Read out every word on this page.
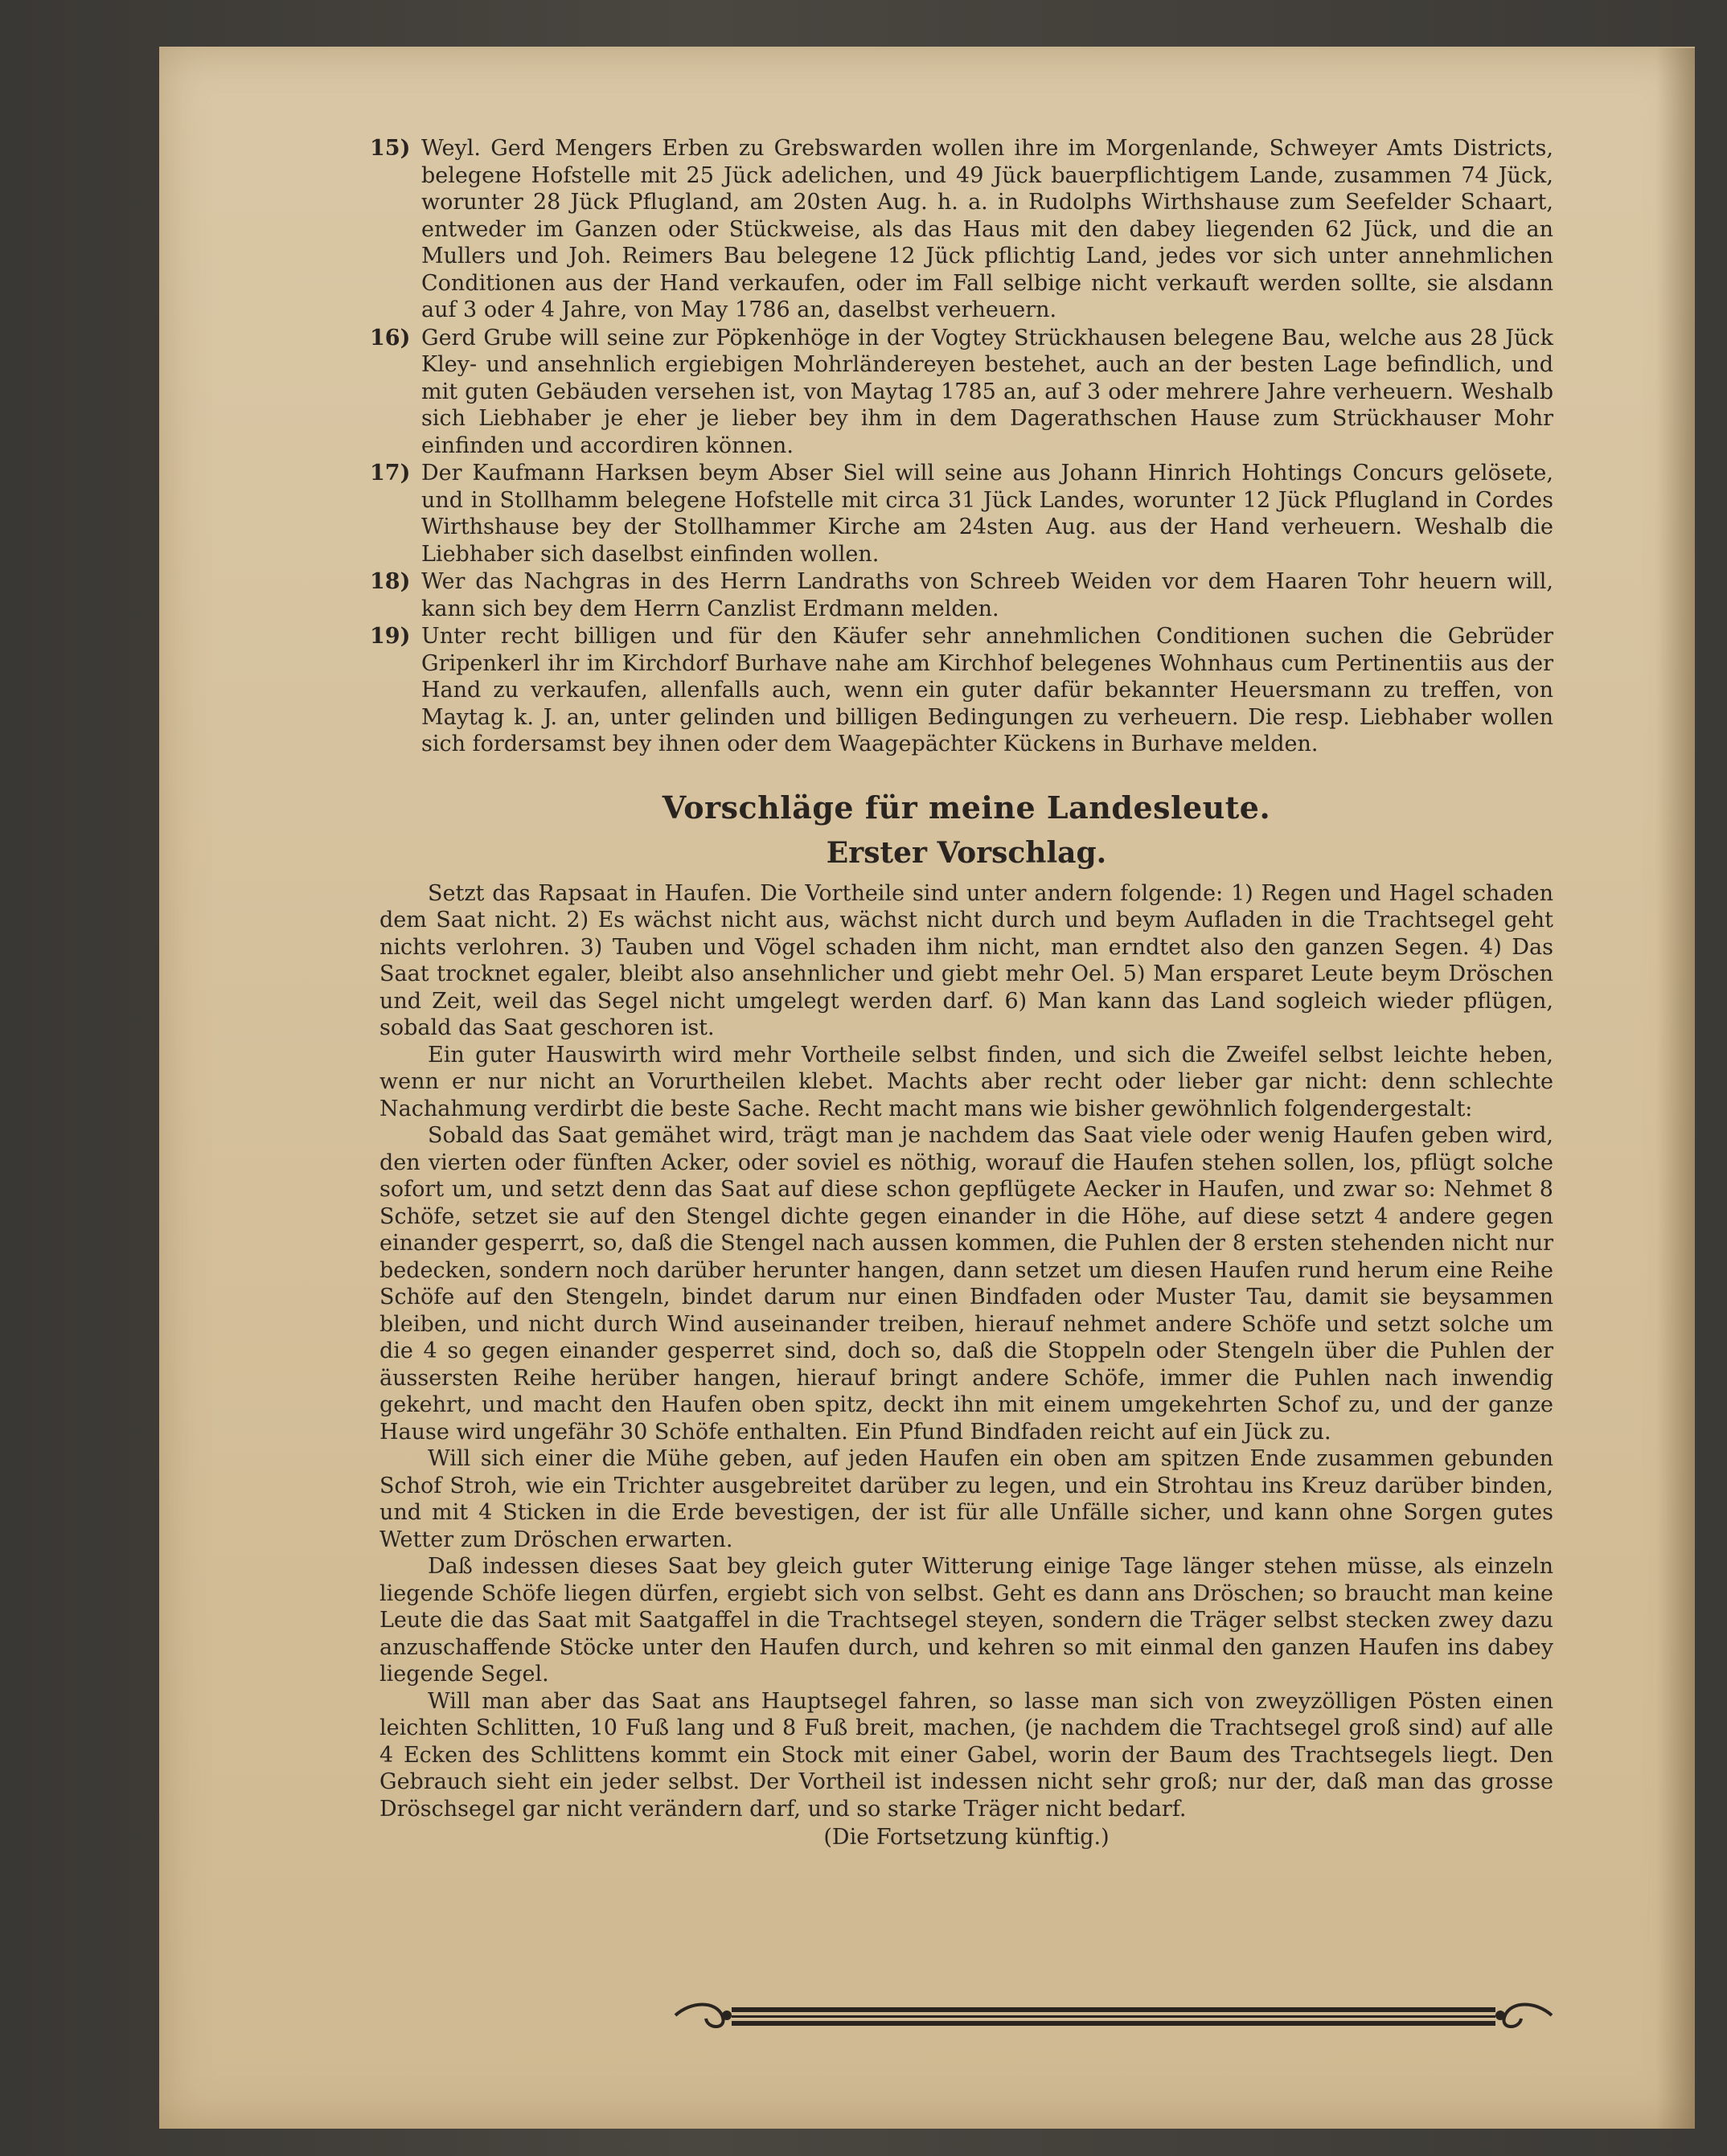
15) Weyl. Gerd Mengers Erben zu Grebswarden wollen ihre im Morgenlande, Schweyer Amts Districts, belegene Hofstelle mit 25 Jück adelichen, und 49 Jück bauerpflichtigem Lande, zusammen 74 Jück, worunter 28 Jück Pflugland, am 20sten Aug. h. a. in Rudolphs Wirthshause zum Seefelder Schaart, entweder im Ganzen oder Stückweise, als das Haus mit den dabey liegenden 62 Jück, und die an Mullers und Joh. Reimers Bau belegene 12 Jück pflichtig Land, jedes vor sich unter annehmlichen Conditionen aus der Hand verkaufen, oder im Fall selbige nicht verkauft werden sollte, sie alsdann auf 3 oder 4 Jahre, von May 1786 an, daselbst verheuern.
16) Gerd Grube will seine zur Pöpkenhöge in der Vogtey Strückhausen belegene Bau, welche aus 28 Jück Kley- und ansehnlich ergiebigen Mohrländereyen bestehet, auch an der besten Lage befindlich, und mit guten Gebäuden versehen ist, von Maytag 1785 an, auf 3 oder mehrere Jahre verheuern. Weshalb sich Liebhaber je eher je lieber bey ihm in dem Dagerathschen Hause zum Strückhauser Mohr einfinden und accordiren können.
17) Der Kaufmann Harksen beym Abser Siel will seine aus Johann Hinrich Hohtings Concurs gelösete, und in Stollhamm belegene Hofstelle mit circa 31 Jück Landes, worunter 12 Jück Pflugland in Cordes Wirthshause bey der Stollhammer Kirche am 24sten Aug. aus der Hand verheuern. Weshalb die Liebhaber sich daselbst einfinden wollen.
18) Wer das Nachgras in des Herrn Landraths von Schreeb Weiden vor dem Haaren Tohr heuern will, kann sich bey dem Herrn Canzlist Erdmann melden.
19) Unter recht billigen und für den Käufer sehr annehmlichen Conditionen suchen die Gebrüder Gripenkerl ihr im Kirchdorf Burhave nahe am Kirchhof belegenes Wohnhaus cum Pertinentiis aus der Hand zu verkaufen, allenfalls auch, wenn ein guter dafür bekannter Heuersmann zu treffen, von Maytag k. J. an, unter gelinden und billigen Bedingungen zu verheuern. Die resp. Liebhaber wollen sich fordersamst bey ihnen oder dem Waagepächter Kückens in Burhave melden.
Vorschläge für meine Landesleute.
Erster Vorschlag.

Setzt das Rapsaat in Haufen. Die Vortheile sind unter andern folgende: 1) Regen und Hagel schaden dem Saat nicht. 2) Es wächst nicht aus, wächst nicht durch und beym Aufladen in die Trachtsegel geht nichts verlohren. 3) Tauben und Vögel schaden ihm nicht, man erndtet also den ganzen Segen. 4) Das Saat trocknet egaler, bleibt also ansehnlicher und giebt mehr Oel. 5) Man ersparet Leute beym Dröschen und Zeit, weil das Segel nicht umgelegt werden darf. 6) Man kann das Land sogleich wieder pflügen, sobald das Saat geschoren ist.

Ein guter Hauswirth wird mehr Vortheile selbst finden, und sich die Zweifel selbst leichte heben, wenn er nur nicht an Vorurtheilen klebet. Machts aber recht oder lieber gar nicht: denn schlechte Nachahmung verdirbt die beste Sache. Recht macht mans wie bisher gewöhnlich folgendergestalt:

Sobald das Saat gemähet wird, trägt man je nachdem das Saat viele oder wenig Haufen geben wird, den vierten oder fünften Acker, oder soviel es nöthig, worauf die Haufen stehen sollen, los, pflügt solche sofort um, und setzt denn das Saat auf diese schon gepflügete Aecker in Haufen, und zwar so: Nehmet 8 Schöfe, setzet sie auf den Stengel dichte gegen einander in die Höhe, auf diese setzt 4 andere gegen einander gesperrt, so, daß die Stengel nach aussen kommen, die Puhlen der 8 ersten stehenden nicht nur bedecken, sondern noch darüber herunter hangen, dann setzet um diesen Haufen rund herum eine Reihe Schöfe auf den Stengeln, bindet darum nur einen Bindfaden oder Muster Tau, damit sie beysammen bleiben, und nicht durch Wind auseinander treiben, hierauf nehmet andere Schöfe und setzt solche um die 4 so gegen einander gesperret sind, doch so, daß die Stoppeln oder Stengeln über die Puhlen der äussersten Reihe herüber hangen, hierauf bringt andere Schöfe, immer die Puhlen nach inwendig gekehrt, und macht den Haufen oben spitz, deckt ihn mit einem umgekehrten Schof zu, und der ganze Hause wird ungefähr 30 Schöfe enthalten. Ein Pfund Bindfaden reicht auf ein Jück zu.

Will sich einer die Mühe geben, auf jeden Haufen ein oben am spitzen Ende zusammen gebunden Schof Stroh, wie ein Trichter ausgebreitet darüber zu legen, und ein Strohtau ins Kreuz darüber binden, und mit 4 Sticken in die Erde bevestigen, der ist für alle Unfälle sicher, und kann ohne Sorgen gutes Wetter zum Dröschen erwarten.

Daß indessen dieses Saat bey gleich guter Witterung einige Tage länger stehen müsse, als einzeln liegende Schöfe liegen dürfen, ergiebt sich von selbst. Geht es dann ans Dröschen; so braucht man keine Leute die das Saat mit Saatgaffel in die Trachtsegel steyen, sondern die Träger selbst stecken zwey dazu anzuschaffende Stöcke unter den Haufen durch, und kehren so mit einmal den ganzen Haufen ins dabey liegende Segel.

Will man aber das Saat ans Hauptsegel fahren, so lasse man sich von zweyzölligen Pösten einen leichten Schlitten, 10 Fuß lang und 8 Fuß breit, machen, (je nachdem die Trachtsegel groß sind) auf alle 4 Ecken des Schlittens kommt ein Stock mit einer Gabel, worin der Baum des Trachtsegels liegt. Den Gebrauch sieht ein jeder selbst. Der Vortheil ist indessen nicht sehr groß; nur der, daß man das grosse Dröschsegel gar nicht verändern darf, und so starke Träger nicht bedarf.

(Die Fortsetzung künftig.)
